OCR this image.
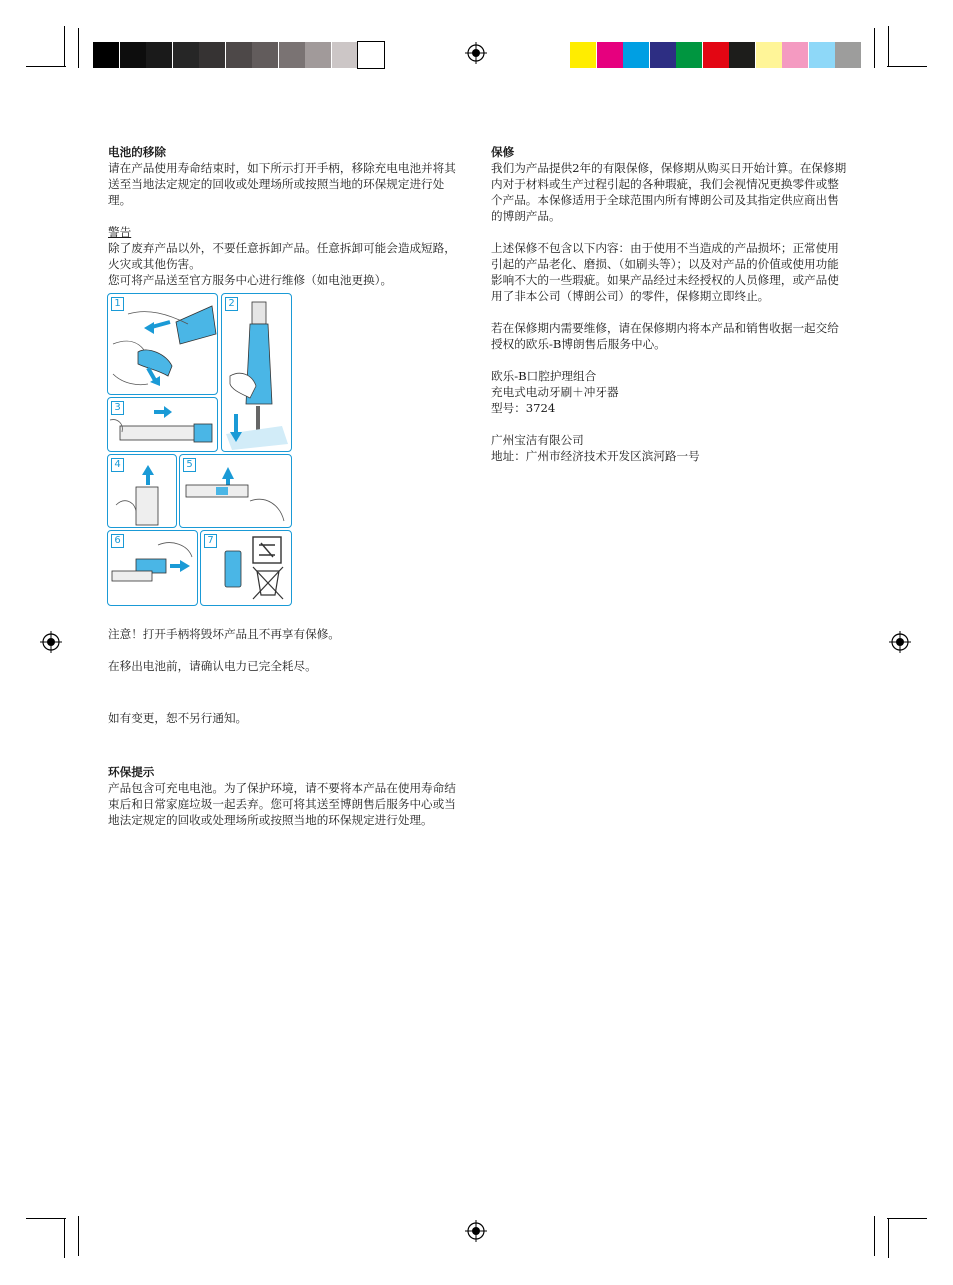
电池的移除

请在产品使用寿命结束时，如下所示打开手柄，移除充电电池并将其送至当地法定规定的回收或处理场所或按照当地的环保规定进行处理。

警告

除了废弃产品以外，不要任意拆卸产品。任意拆卸可能会造成短路，火灾或其他伤害。

您可将产品送至官方服务中心进行维修（如电池更换）。

1	2
3
4	5
6	7

注意！打开手柄将毁坏产品且不再享有保修。

在移出电池前，请确认电力已完全耗尽。

如有变更，恕不另行通知。

环保提示

产品包含可充电电池。为了保护环境，请不要将本产品在使用寿命结束后和日常家庭垃圾一起丢弃。您可将其送至博朗售后服务中心或当地法定规定的回收或处理场所或按照当地的环保规定进行处理。

保修

我们为产品提供2年的有限保修，保修期从购买日开始计算。在保修期内对于材料或生产过程引起的各种瑕疵，我们会视情况更换零件或整个产品。本保修适用于全球范围内所有博朗公司及其指定供应商出售的博朗产品。

上述保修不包含以下内容：由于使用不当造成的产品损坏；正常使用引起的产品老化、磨损、（如刷头等）；以及对产品的价值或使用功能影响不大的一些瑕疵。如果产品经过未经授权的人员修理，或产品使用了非本公司（博朗公司）的零件，保修期立即终止。

若在保修期内需要维修，请在保修期内将本产品和销售收据一起交给授权的欧乐-B博朗售后服务中心。

欧乐-B口腔护理组合

充电式电动牙刷＋冲牙器

型号：3724

广州宝洁有限公司

地址：广州市经济技术开发区滨河路一号
